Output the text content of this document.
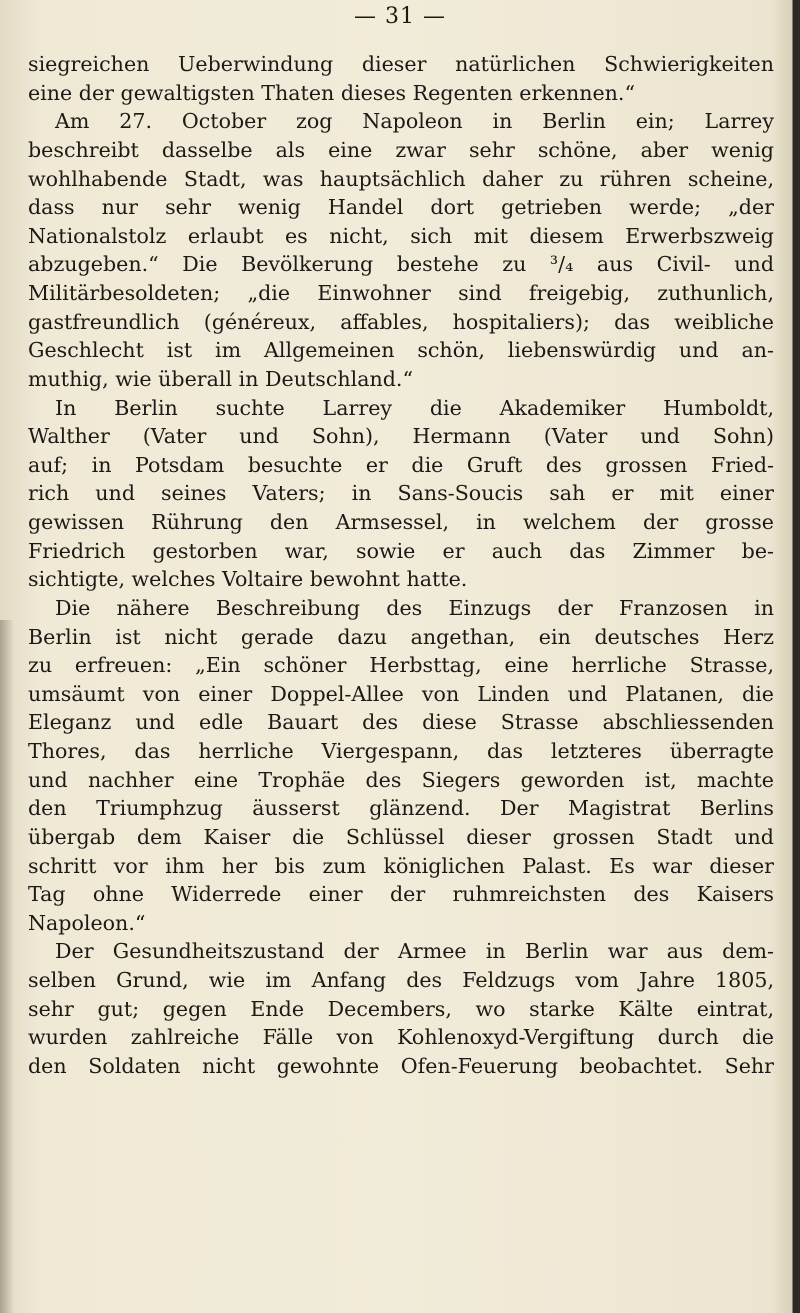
— 31 —
siegreichen Ueberwindung dieser natürlichen Schwierigkeiten
eine der gewaltigsten Thaten dieses Regenten erkennen.“
Am 27. October zog Napoleon in Berlin ein; Larrey
beschreibt dasselbe als eine zwar sehr schöne, aber wenig
wohlhabende Stadt, was hauptsächlich daher zu rühren scheine,
dass nur sehr wenig Handel dort getrieben werde; „der
Nationalstolz erlaubt es nicht, sich mit diesem Erwerbszweig
abzugeben.“ Die Bevölkerung bestehe zu ³/₄ aus Civil- und
Militärbesoldeten; „die Einwohner sind freigebig, zuthunlich,
gastfreundlich (généreux, affables, hospitaliers); das weibliche
Geschlecht ist im Allgemeinen schön, liebenswürdig und an-
muthig, wie überall in Deutschland.“
In Berlin suchte Larrey die Akademiker Humboldt,
Walther (Vater und Sohn), Hermann (Vater und Sohn)
auf; in Potsdam besuchte er die Gruft des grossen Fried-
rich und seines Vaters; in Sans-Soucis sah er mit einer
gewissen Rührung den Armsessel, in welchem der grosse
Friedrich gestorben war, sowie er auch das Zimmer be-
sichtigte, welches Voltaire bewohnt hatte.
Die nähere Beschreibung des Einzugs der Franzosen in
Berlin ist nicht gerade dazu angethan, ein deutsches Herz
zu erfreuen: „Ein schöner Herbsttag, eine herrliche Strasse,
umsäumt von einer Doppel-Allee von Linden und Platanen, die
Eleganz und edle Bauart des diese Strasse abschliessenden
Thores, das herrliche Viergespann, das letzteres überragte
und nachher eine Trophäe des Siegers geworden ist, machte
den Triumphzug äusserst glänzend. Der Magistrat Berlins
übergab dem Kaiser die Schlüssel dieser grossen Stadt und
schritt vor ihm her bis zum königlichen Palast. Es war dieser
Tag ohne Widerrede einer der ruhmreichsten des Kaisers
Napoleon.“
Der Gesundheitszustand der Armee in Berlin war aus dem-
selben Grund, wie im Anfang des Feldzugs vom Jahre 1805,
sehr gut; gegen Ende Decembers, wo starke Kälte eintrat,
wurden zahlreiche Fälle von Kohlenoxyd-Vergiftung durch die
den Soldaten nicht gewohnte Ofen-Feuerung beobachtet. Sehr
